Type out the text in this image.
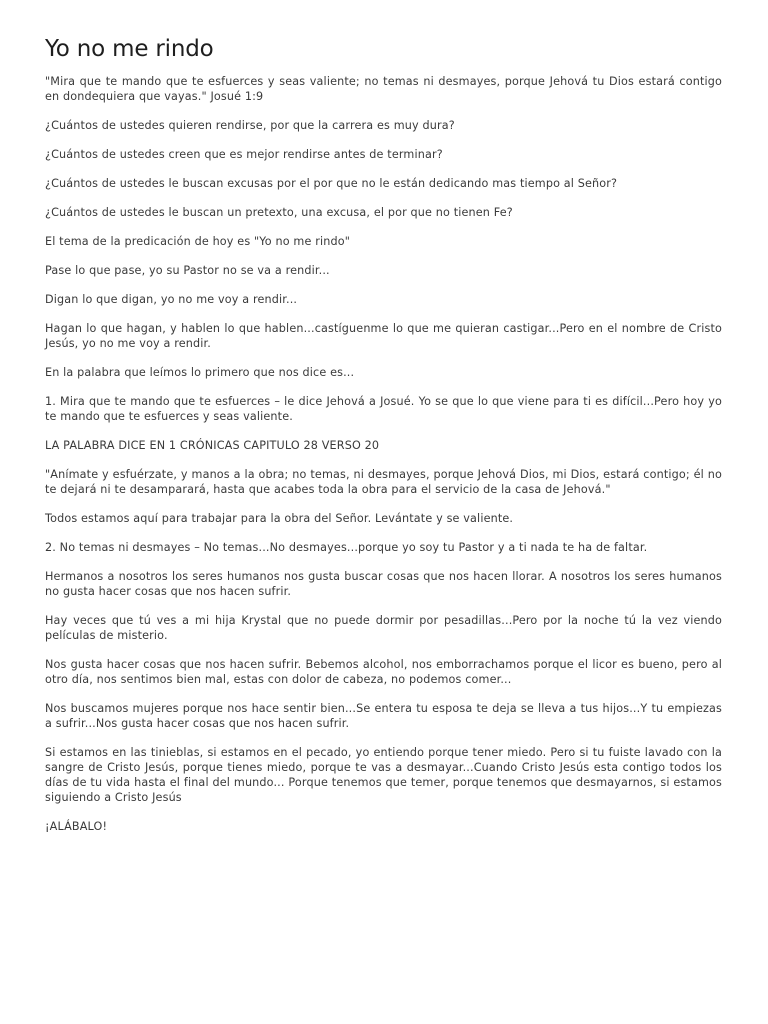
Yo no me rindo

"Mira que te mando que te esfuerces y seas valiente; no temas ni desmayes, porque Jehová tu Dios estará contigo en dondequiera que vayas." Josué 1:9

¿Cuántos de ustedes quieren rendirse, por que la carrera es muy dura?

¿Cuántos de ustedes creen que es mejor rendirse antes de terminar?

¿Cuántos de ustedes le buscan excusas por el por que no le están dedicando mas tiempo al Señor?

¿Cuántos de ustedes le buscan un pretexto, una excusa, el por que no tienen Fe?

El tema de la predicación de hoy es "Yo no me rindo"

Pase lo que pase, yo su Pastor no se va a rendir...

Digan lo que digan, yo no me voy a rendir...

Hagan lo que hagan, y hablen lo que hablen...castíguenme lo que me quieran castigar...Pero en el nombre de Cristo Jesús, yo no me voy a rendir.

En la palabra que leímos lo primero que nos dice es...

1. Mira que te mando que te esfuerces – le dice Jehová a Josué. Yo se que lo que viene para ti es difícil...Pero hoy yo te mando que te esfuerces y seas valiente.

LA PALABRA DICE EN 1 CRÓNICAS CAPITULO 28 VERSO 20

"Anímate y esfuérzate, y manos a la obra; no temas, ni desmayes, porque Jehová Dios, mi Dios, estará contigo; él no te dejará ni te desamparará, hasta que acabes toda la obra para el servicio de la casa de Jehová."

Todos estamos aquí para trabajar para la obra del Señor. Levántate y se valiente.

2. No temas ni desmayes – No temas...No desmayes...porque yo soy tu Pastor y a ti nada te ha de faltar.

Hermanos a nosotros los seres humanos nos gusta buscar cosas que nos hacen llorar. A nosotros los seres humanos no gusta hacer cosas que nos hacen sufrir.

Hay veces que tú ves a mi hija Krystal que no puede dormir por pesadillas...Pero por la noche tú la vez viendo películas de misterio.

Nos gusta hacer cosas que nos hacen sufrir. Bebemos alcohol, nos emborrachamos porque el licor es bueno, pero al otro día, nos sentimos bien mal, estas con dolor de cabeza, no podemos comer...

Nos buscamos mujeres porque nos hace sentir bien...Se entera tu esposa te deja se lleva a tus hijos...Y tu empiezas a sufrir...Nos gusta hacer cosas que nos hacen sufrir.

Si estamos en las tinieblas, si estamos en el pecado, yo entiendo porque tener miedo. Pero si tu fuiste lavado con la sangre de Cristo Jesús, porque tienes miedo, porque te vas a desmayar...Cuando Cristo Jesús esta contigo todos los días de tu vida hasta el final del mundo... Porque tenemos que temer, porque tenemos que desmayarnos, si estamos siguiendo a Cristo Jesús

¡ALÁBALO!
